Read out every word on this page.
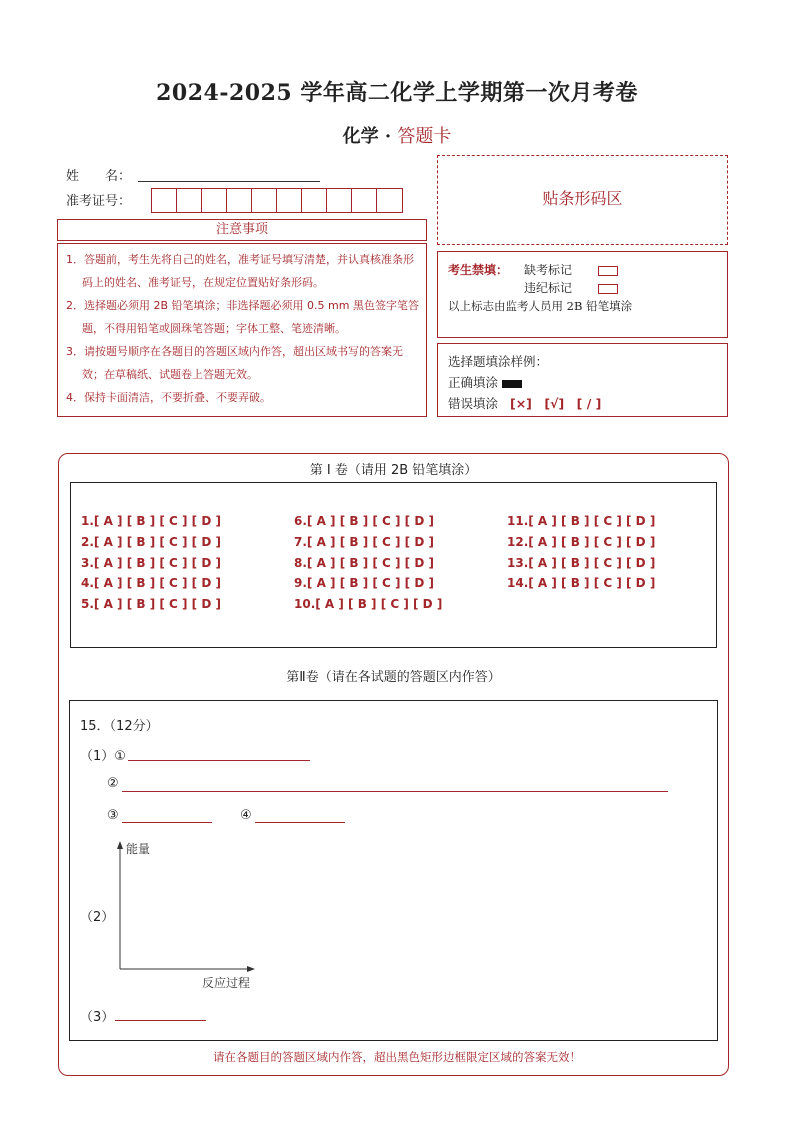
2024-2025 学年高二化学上学期第一次月考卷
化学 · 答题卡
姓　　名：
准考证号：
注意事项

1．答题前，考生先将自己的姓名，准考证号填写清楚，并认真核准条形码上的姓名、准考证号，在规定位置贴好条形码。

2．选择题必须用 2B 铅笔填涂；非选择题必须用 0.5 mm 黑色签字笔答题，不得用铅笔或圆珠笔答题；字体工整、笔迹清晰。

3．请按题号顺序在各题目的答题区域内作答，超出区域书写的答案无效；在草稿纸、试题卷上答题无效。

4．保持卡面清洁，不要折叠、不要弄破。

贴条形码区
考生禁填： 缺考标记
违纪标记
以上标志由监考人员用 2B 铅笔填涂
选择题填涂样例：
正确填涂
错误填涂 [×]　[√]　[ / ]
第 I 卷（请用 2B 铅笔填涂）
1.[ A ] [ B ] [ C ] [ D ]
2.[ A ] [ B ] [ C ] [ D ]
3.[ A ] [ B ] [ C ] [ D ]
4.[ A ] [ B ] [ C ] [ D ]
5.[ A ] [ B ] [ C ] [ D ]
6.[ A ] [ B ] [ C ] [ D ]
7.[ A ] [ B ] [ C ] [ D ]
8.[ A ] [ B ] [ C ] [ D ]
9.[ A ] [ B ] [ C ] [ D ]
10.[ A ] [ B ] [ C ] [ D ]
11.[ A ] [ B ] [ C ] [ D ]
12.[ A ] [ B ] [ C ] [ D ]
13.[ A ] [ B ] [ C ] [ D ]
14.[ A ] [ B ] [ C ] [ D ]
第Ⅱ卷（请在各试题的答题区内作答）
15．（12分）
（1）①
②
③	④
（2）
能量
反应过程
（3）
请在各题目的答题区域内作答，超出黑色矩形边框限定区域的答案无效！
